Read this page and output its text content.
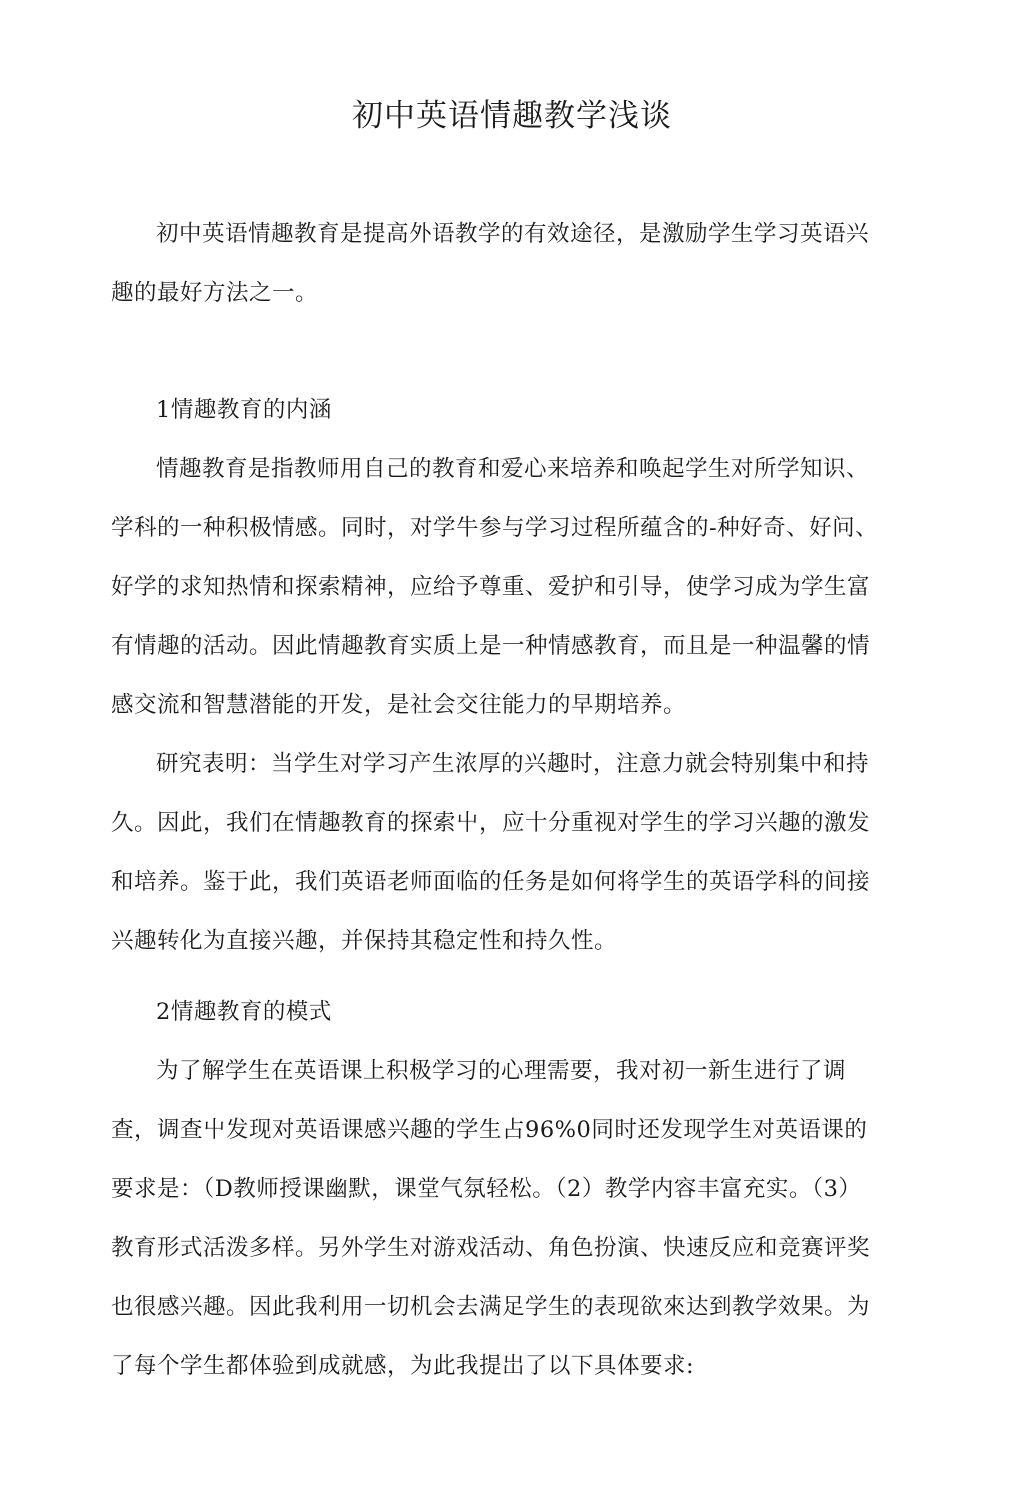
初中英语情趣教学浅谈

初中英语情趣教育是提高外语教学的有效途径，是激励学生学习英语兴趣的最好方法之一。

1情趣教育的内涵

情趣教育是指教师用自己的教育和爱心来培养和唤起学生对所学知识、学科的一种积极情感。同时，对学牛参与学习过程所蕴含的-种好奇、好问、好学的求知热情和探索精神，应给予尊重、爱护和引导，使学习成为学生富有情趣的活动。因此情趣教育实质上是一种情感教育，而且是一种温馨的情感交流和智慧潜能的开发，是社会交往能力的早期培养。

研究表明：当学生对学习产生浓厚的兴趣时，注意力就会特别集中和持久。因此，我们在情趣教育的探索屮，应十分重视对学生的学习兴趣的激发和培养。鉴于此，我们英语老师面临的任务是如何将学生的英语学科的间接兴趣转化为直接兴趣，并保持其稳定性和持久性。

2情趣教育的模式

为了解学生在英语课上积极学习的心理需要，我对初一新生进行了调查，调查屮发现对英语课感兴趣的学生占96%0同时还发现学生对英语课的要求是：（D教师授课幽默，课堂气氛轻松。（2）教学内容丰富充实。（3）教育形式活泼多样。另外学生对游戏活动、角色扮演、快速反应和竞赛评奖也很感兴趣。因此我利用一切机会去满足学生的表现欲來达到教学效果。为了每个学生都体验到成就感，为此我提岀了以下具体要求:
